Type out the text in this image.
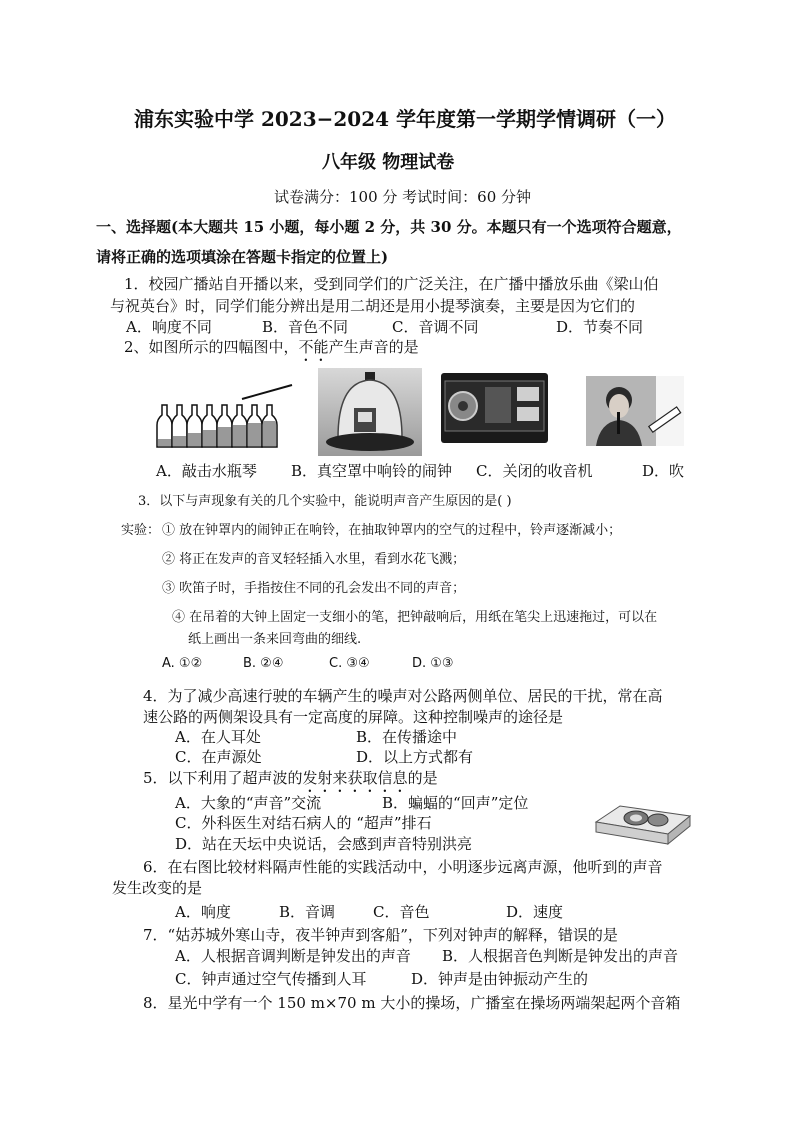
浦东实验中学 2023−2024 学年度第一学期学情调研（一）
八年级 物理试卷
试卷满分：100 分 考试时间：60 分钟
一、选择题(本大题共 15 小题，每小题 2 分，共 30 分。本题只有一个选项符合题意，
请将正确的选项填涂在答题卡指定的位置上)
1．校园广播站自开播以来，受到同学们的广泛关注，在广播中播放乐曲《梁山伯
与祝英台》时，同学们能分辨出是用二胡还是用小提琴演奏，主要是因为它们的
A．响度不同	B．音色不同	C．音调不同	D．节奏不同
2、如图所示的四幅图中，不能产生声音的是
A．敲击水瓶琴 B．真空罩中响铃的闹钟 C．关闭的收音机	D．吹
3．以下与声现象有关的几个实验中，能说明声音产生原因的是( )
实验： ① 放在钟罩内的闹钟正在响铃，在抽取钟罩内的空气的过程中，铃声逐渐减小；
② 将正在发声的音叉轻轻插入水里，看到水花飞溅；
③ 吹笛子时，手指按住不同的孔会发出不同的声音；
④ 在吊着的大钟上固定一支细小的笔，把钟敲响后，用纸在笔尖上迅速拖过，可以在
纸上画出一条来回弯曲的细线.
A. ①②	B. ②④	C. ③④	D. ①③
4．为了减少高速行驶的车辆产生的噪声对公路两侧单位、居民的干扰，常在高
速公路的两侧架设具有一定高度的屏障。这种控制噪声的途径是
A．在人耳处	B．在传播途中
C．在声源处	D．以上方式都有
5．以下利用了超声波的发射来获取信息的是
A．大象的“声音”交流	B．蝙蝠的“回声”定位
C．外科医生对结石病人的 “超声”排石
D．站在天坛中央说话，会感到声音特别洪亮
6．在右图比较材料隔声性能的实践活动中，小明逐步远离声源，他听到的声音
发生改变的是
A．响度	B．音调	C．音色	D．速度
7．“姑苏城外寒山寺，夜半钟声到客船”，下列对钟声的解释，错误的是
A．人根据音调判断是钟发出的声音 B．人根据音色判断是钟发出的声音
C．钟声通过空气传播到人耳	D．钟声是由钟振动产生的
8．星光中学有一个 150 m×70 m 大小的操场，广播室在操场两端架起两个音箱
